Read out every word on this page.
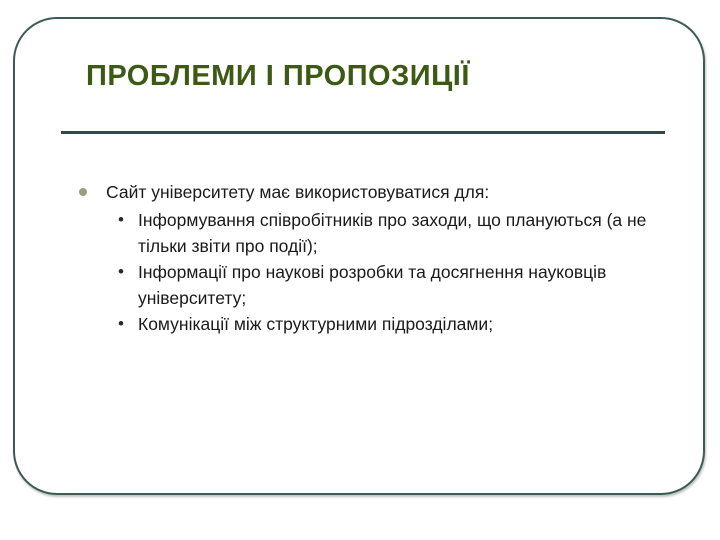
ПРОБЛЕМИ І ПРОПОЗИЦІЇ
Сайт університету має використовуватися для:
• Інформування співробітників про заходи, що плануються (а не тільки звіти про події);
• Інформації про наукові розробки та досягнення науковців університету;
• Комунікації між структурними підрозділами;
